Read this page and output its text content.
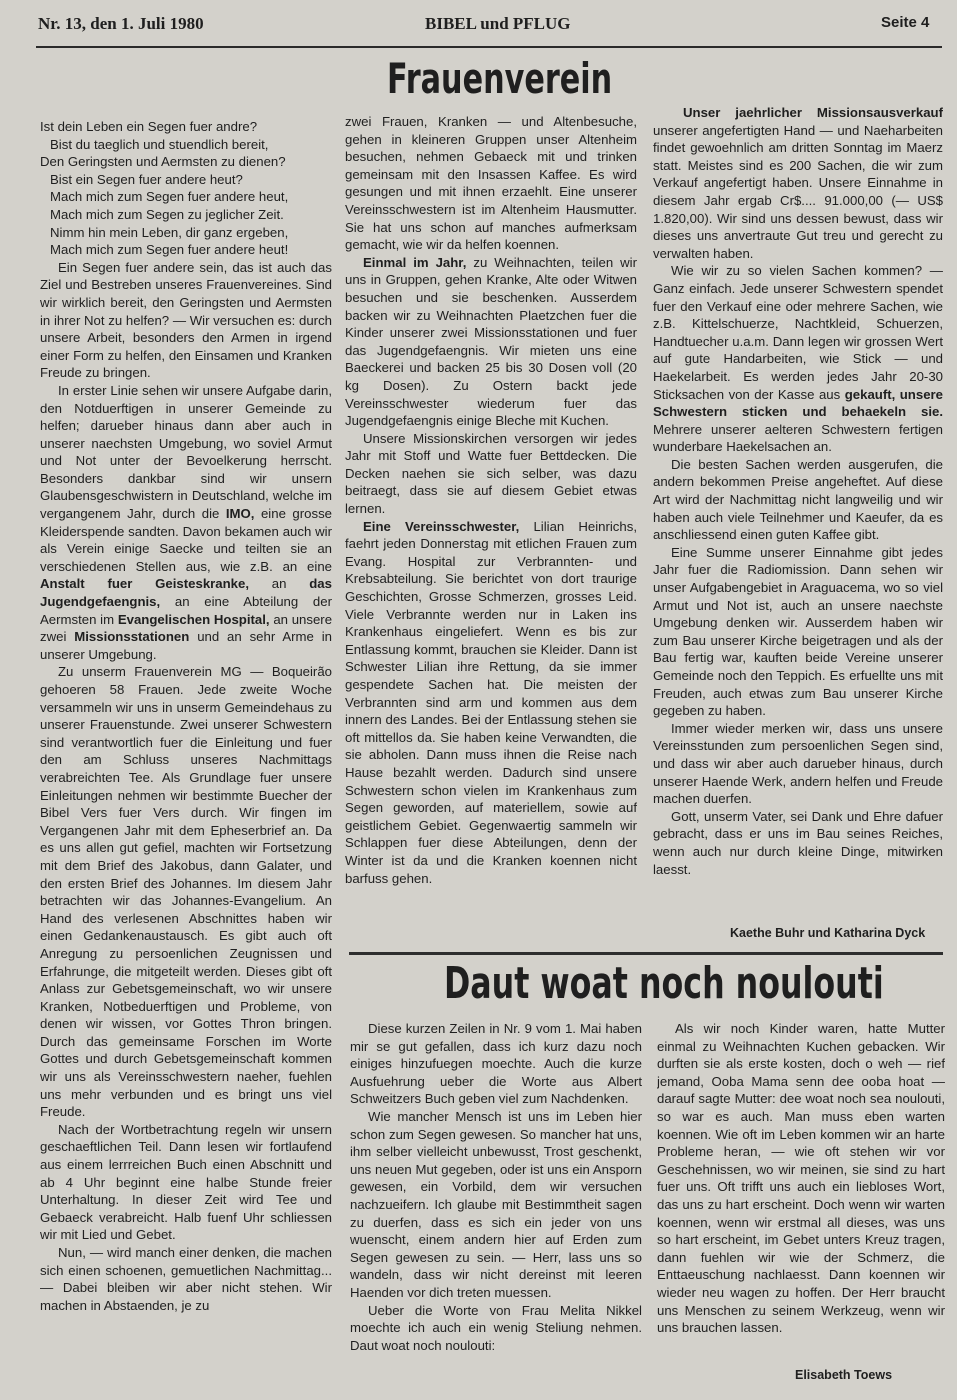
Nr. 13, den 1. Juli 1980	BIBEL und PFLUG	Seite 4
Frauenverein

Ist dein Leben ein Segen fuer andre?

Bist du taeglich und stuendlich bereit,

Den Geringsten und Aermsten zu dienen?

Bist ein Segen fuer andere heut?

Mach mich zum Segen fuer andere heut,

Mach mich zum Segen zu jeglicher Zeit.

Nimm hin mein Leben, dir ganz ergeben,

Mach mich zum Segen fuer andere heut!

Ein Segen fuer andere sein, das ist auch das Ziel und Bestreben unseres Frauenvereines. Sind wir wirklich bereit, den Geringsten und Aermsten in ihrer Not zu helfen? — Wir versuchen es: durch unsere Arbeit, besonders den Armen in irgend einer Form zu helfen, den Einsamen und Kranken Freude zu bringen.

In erster Linie sehen wir unsere Aufgabe darin, den Notduerftigen in unserer Gemeinde zu helfen; darueber hinaus dann aber auch in unserer naechsten Umgebung, wo soviel Armut und Not unter der Bevoelkerung herrscht. Besonders dankbar sind wir unsern Glaubensgeschwistern in Deutschland, welche im vergangenem Jahr, durch die IMO, eine grosse Kleiderspende sandten. Davon bekamen auch wir als Verein einige Saecke und teilten sie an verschiedenen Stellen aus, wie z.B. an eine Anstalt fuer Geisteskranke, an das Jugendgefaengnis, an eine Abteilung der Aermsten im Evangelischen Hospital, an unsere zwei Missionsstationen und an sehr Arme in unserer Umgebung.

Zu unserm Frauenverein MG — Boqueirão gehoeren 58 Frauen. Jede zweite Woche versammeln wir uns in unserm Gemeindehaus zu unserer Frauenstunde. Zwei unserer Schwestern sind verantwortlich fuer die Einleitung und fuer den am Schluss unseres Nachmittags verabreichten Tee. Als Grundlage fuer unsere Einleitungen nehmen wir bestimmte Buecher der Bibel Vers fuer Vers durch. Wir fingen im Vergangenen Jahr mit dem Epheserbrief an. Da es uns allen gut gefiel, machten wir Fortsetzung mit dem Brief des Jakobus, dann Galater, und den ersten Brief des Johannes. Im diesem Jahr betrachten wir das Johannes-Evangelium. An Hand des verlesenen Abschnittes haben wir einen Gedankenaustausch. Es gibt auch oft Anregung zu persoenlichen Zeugnissen und Erfahrunge, die mitgeteilt werden. Dieses gibt oft Anlass zur Gebetsgemeinschaft, wo wir unsere Kranken, Notbeduerftigen und Probleme, von denen wir wissen, vor Gottes Thron bringen. Durch das gemeinsame Forschen im Worte Gottes und durch Gebetsgemeinschaft kommen wir uns als Vereinsschwestern naeher, fuehlen uns mehr verbunden und es bringt uns viel Freude.

Nach der Wortbetrachtung regeln wir unsern geschaeftlichen Teil. Dann lesen wir fortlaufend aus einem lerrreichen Buch einen Abschnitt und ab 4 Uhr beginnt eine halbe Stunde freier Unterhaltung. In dieser Zeit wird Tee und Gebaeck verabreicht. Halb fuenf Uhr schliessen wir mit Lied und Gebet.

Nun, — wird manch einer denken, die machen sich einen schoenen, gemuetlichen Nachmittag... — Dabei bleiben wir aber nicht stehen. Wir machen in Abstaenden, je zu

zwei Frauen, Kranken — und Altenbesuche, gehen in kleineren Gruppen unser Altenheim besuchen, nehmen Gebaeck mit und trinken gemeinsam mit den Insassen Kaffee. Es wird gesungen und mit ihnen erzaehlt. Eine unserer Vereinsschwestern ist im Altenheim Hausmutter. Sie hat uns schon auf manches aufmerksam gemacht, wie wir da helfen koennen.

Einmal im Jahr, zu Weihnachten, teilen wir uns in Gruppen, gehen Kranke, Alte oder Witwen besuchen und sie beschenken. Ausserdem backen wir zu Weihnachten Plaetzchen fuer die Kinder unserer zwei Missionsstationen und fuer das Jugendgefaengnis. Wir mieten uns eine Baeckerei und backen 25 bis 30 Dosen voll (20 kg Dosen). Zu Ostern backt jede Vereinsschwester wiederum fuer das Jugendgefaengnis einige Bleche mit Kuchen.

Unsere Missionskirchen versorgen wir jedes Jahr mit Stoff und Watte fuer Bettdecken. Die Decken naehen sie sich selber, was dazu beitraegt, dass sie auf diesem Gebiet etwas lernen.

Eine Vereinsschwester, Lilian Heinrichs, faehrt jeden Donnerstag mit etlichen Frauen zum Evang. Hospital zur Verbrannten- und Krebsabteilung. Sie berichtet von dort traurige Geschichten, Grosse Schmerzen, grosses Leid. Viele Verbrannte werden nur in Laken ins Krankenhaus eingeliefert. Wenn es bis zur Entlassung kommt, brauchen sie Kleider. Dann ist Schwester Lilian ihre Rettung, da sie immer gespendete Sachen hat. Die meisten der Verbrannten sind arm und kommen aus dem innern des Landes. Bei der Entlassung stehen sie oft mittellos da. Sie haben keine Verwandten, die sie abholen. Dann muss ihnen die Reise nach Hause bezahlt werden. Dadurch sind unsere Schwestern schon vielen im Krankenhaus zum Segen geworden, auf materiellem, sowie auf geistlichem Gebiet. Gegenwaertig sammeln wir Schlappen fuer diese Abteilungen, denn der Winter ist da und die Kranken koennen nicht barfuss gehen.

Unser jaehrlicher Missionsausverkauf unserer angefertigten Hand — und Naeharbeiten findet gewoehnlich am dritten Sonntag im Maerz statt. Meistes sind es 200 Sachen, die wir zum Verkauf angefertigt haben. Unsere Einnahme in diesem Jahr ergab Cr$.... 91.000,00 (— US$ 1.820,00). Wir sind uns dessen bewust, dass wir dieses uns anvertraute Gut treu und gerecht zu verwalten haben.

Wie wir zu so vielen Sachen kommen? — Ganz einfach. Jede unserer Schwestern spendet fuer den Verkauf eine oder mehrere Sachen, wie z.B. Kittelschuerze, Nachtkleid, Schuerzen, Handtuecher u.a.m. Dann legen wir grossen Wert auf gute Handarbeiten, wie Stick — und Haekelarbeit. Es werden jedes Jahr 20-30 Sticksachen von der Kasse aus gekauft, unsere Schwestern sticken und behaekeln sie. Mehrere unserer aelteren Schwestern fertigen wunderbare Haekelsachen an.

Die besten Sachen werden ausgerufen, die andern bekommen Preise angeheftet. Auf diese Art wird der Nachmittag nicht langweilig und wir haben auch viele Teilnehmer und Kaeufer, da es anschliessend einen guten Kaffee gibt.

Eine Summe unserer Einnahme gibt jedes Jahr fuer die Radiomission. Dann sehen wir unser Aufgabengebiet in Araguacema, wo so viel Armut und Not ist, auch an unsere naechste Umgebung denken wir. Ausserdem haben wir zum Bau unserer Kirche beigetragen und als der Bau fertig war, kauften beide Vereine unserer Gemeinde noch den Teppich. Es erfuellte uns mit Freuden, auch etwas zum Bau unserer Kirche gegeben zu haben.

Immer wieder merken wir, dass uns unsere Vereinsstunden zum persoenlichen Segen sind, und dass wir aber auch darueber hinaus, durch unserer Haende Werk, andern helfen und Freude machen duerfen.

Gott, unserm Vater, sei Dank und Ehre dafuer gebracht, dass er uns im Bau seines Reiches, wenn auch nur durch kleine Dinge, mitwirken laesst.

Kaethe Buhr und Katharina Dyck
Daut woat noch noulouti

Diese kurzen Zeilen in Nr. 9 vom 1. Mai haben mir se gut gefallen, dass ich kurz dazu noch einiges hinzufuegen moechte. Auch die kurze Ausfuehrung ueber die Worte aus Albert Schweitzers Buch geben viel zum Nachdenken.

Wie mancher Mensch ist uns im Leben hier schon zum Segen gewesen. So mancher hat uns, ihm selber vielleicht unbewusst, Trost geschenkt, uns neuen Mut gegeben, oder ist uns ein Ansporn gewesen, ein Vorbild, dem wir versuchen nachzueifern. Ich glaube mit Bestimmtheit sagen zu duerfen, dass es sich ein jeder von uns wuenscht, einem andern hier auf Erden zum Segen gewesen zu sein. — Herr, lass uns so wandeln, dass wir nicht dereinst mit leeren Haenden vor dich treten muessen.

Ueber die Worte von Frau Melita Nikkel moechte ich auch ein wenig Steliung nehmen. Daut woat noch noulouti:

Als wir noch Kinder waren, hatte Mutter einmal zu Weihnachten Kuchen gebacken. Wir durften sie als erste kosten, doch o weh — rief jemand, Ooba Mama senn dee ooba hoat — darauf sagte Mutter: dee woat noch sea noulouti, so war es auch. Man muss eben warten koennen. Wie oft im Leben kommen wir an harte Probleme heran, — wie oft stehen wir vor Geschehnissen, wo wir meinen, sie sind zu hart fuer uns. Oft trifft uns auch ein liebloses Wort, das uns zu hart erscheint. Doch wenn wir warten koennen, wenn wir erstmal all dieses, was uns so hart erscheint, im Gebet unters Kreuz tragen, dann fuehlen wir wie der Schmerz, die Enttaeuschung nachlaesst. Dann koennen wir wieder neu wagen zu hoffen. Der Herr braucht uns Menschen zu seinem Werkzeug, wenn wir uns brauchen lassen.

Elisabeth Toews
